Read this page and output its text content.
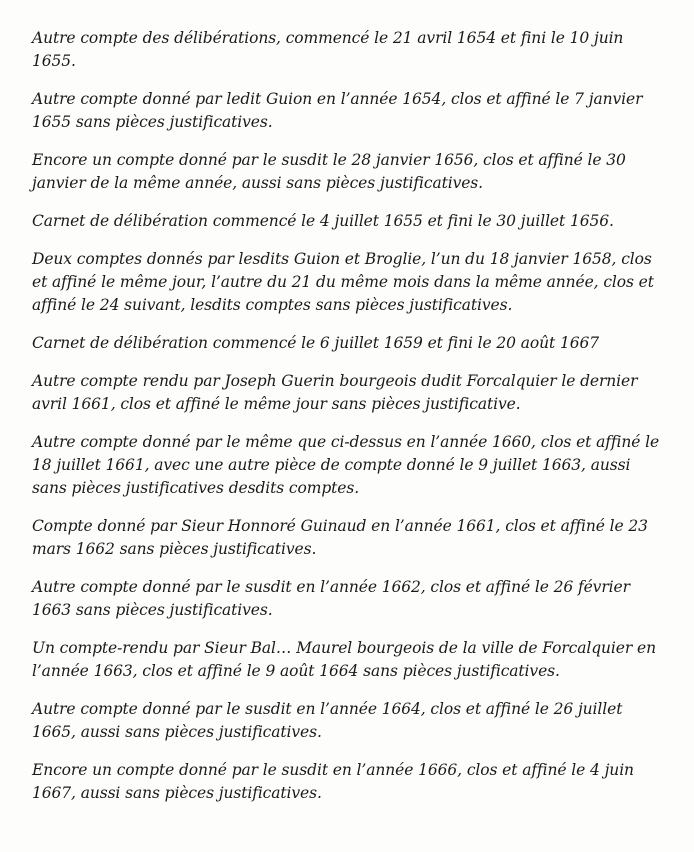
Autre compte des délibérations, commencé le 21 avril 1654 et fini le 10 juin 1655.

Autre compte donné par ledit Guion en l’année 1654, clos et affiné le 7 janvier 1655 sans pièces justificatives.

Encore un compte donné par le susdit le 28 janvier 1656, clos et affiné le 30 janvier de la même année, aussi sans pièces justificatives.

Carnet de délibération commencé le 4 juillet 1655 et fini le 30 juillet 1656.

Deux comptes donnés par lesdits Guion et Broglie, l’un du 18 janvier 1658, clos et affiné le même jour, l’autre du 21 du même mois dans la même année, clos et affiné le 24 suivant, lesdits comptes sans pièces justificatives.

Carnet de délibération commencé le 6 juillet 1659 et fini le 20 août 1667

Autre compte rendu par Joseph Guerin bourgeois dudit Forcalquier le dernier avril 1661, clos et affiné le même jour sans pièces justificative.

Autre compte donné par le même que ci-dessus en l’année 1660, clos et affiné le 18 juillet 1661, avec une autre pièce de compte donné le 9 juillet 1663, aussi sans pièces justificatives desdits comptes.

Compte donné par Sieur Honnoré Guinaud en l’année 1661, clos et affiné le 23 mars 1662 sans pièces justificatives.

Autre compte donné par le susdit en l’année 1662, clos et affiné le 26 février 1663 sans pièces justificatives.

Un compte-rendu par Sieur Bal… Maurel bourgeois de la ville de Forcalquier en l’année 1663, clos et affiné le 9 août 1664 sans pièces justificatives.

Autre compte donné par le susdit en l’année 1664, clos et affiné le 26 juillet 1665, aussi sans pièces justificatives.

Encore un compte donné par le susdit en l’année 1666, clos et affiné le 4 juin 1667, aussi sans pièces justificatives.
